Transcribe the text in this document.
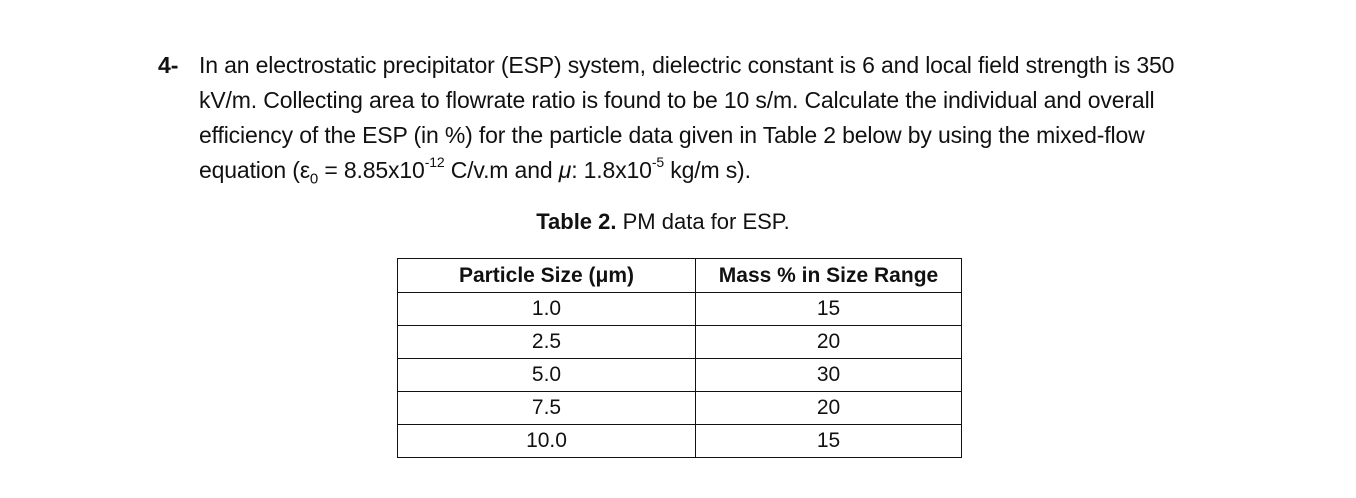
4- In an electrostatic precipitator (ESP) system, dielectric constant is 6 and local field strength is 350 kV/m. Collecting area to flowrate ratio is found to be 10 s/m. Calculate the individual and overall efficiency of the ESP (in %) for the particle data given in Table 2 below by using the mixed-flow equation ($\varepsilon_0 = 8.85x10^{-12}$ C/v.m and μ: $1.8x10^{-5}$ kg/m s).
Table 2. PM data for ESP.
Particle Size (μm)	Mass % in Size Range
1.0	15
2.5	20
5.0	30
7.5	20
10.0	15
